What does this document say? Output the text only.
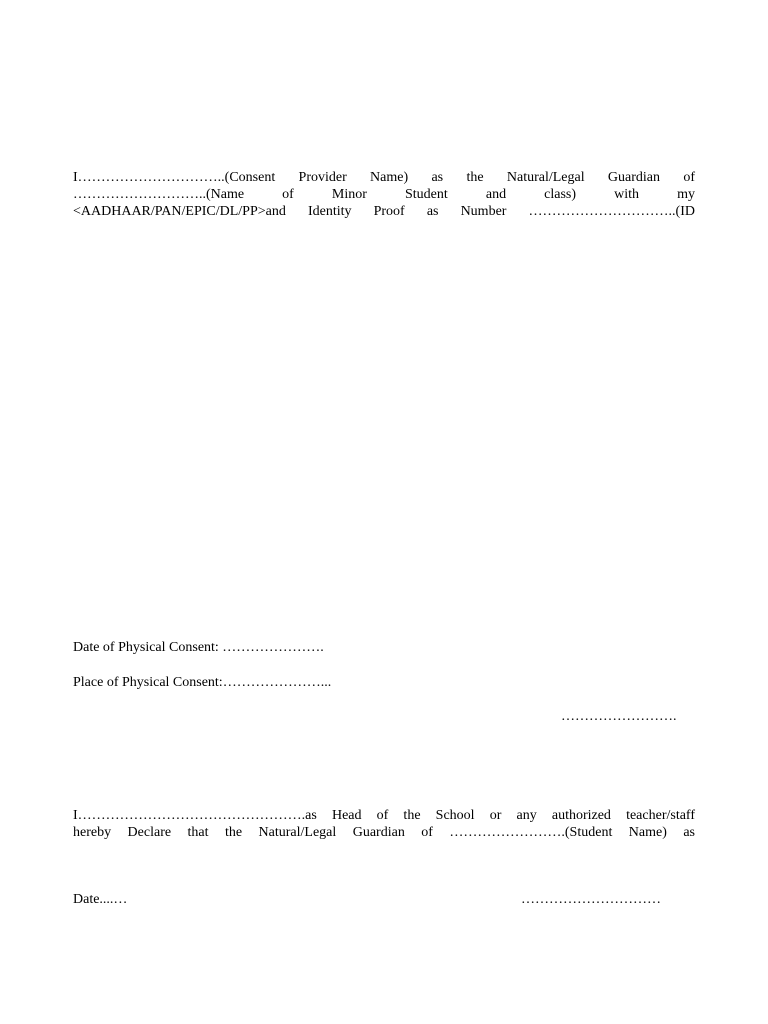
I…………………………..(Consent Provider Name) as the Natural/Legal Guardian of
………………………..(Name of Minor Student and class) with my
<AADHAAR/PAN/EPIC/DL/PP>and Identity Proof as Number …………………………..(ID
Date of Physical Consent: ………………….
Place of Physical Consent:…………………...
…………………….
I………………………………………….as Head of the School or any authorized teacher/staff
hereby Declare that the Natural/Legal Guardian of …………………….(Student Name) as
Date....…	…………………………
